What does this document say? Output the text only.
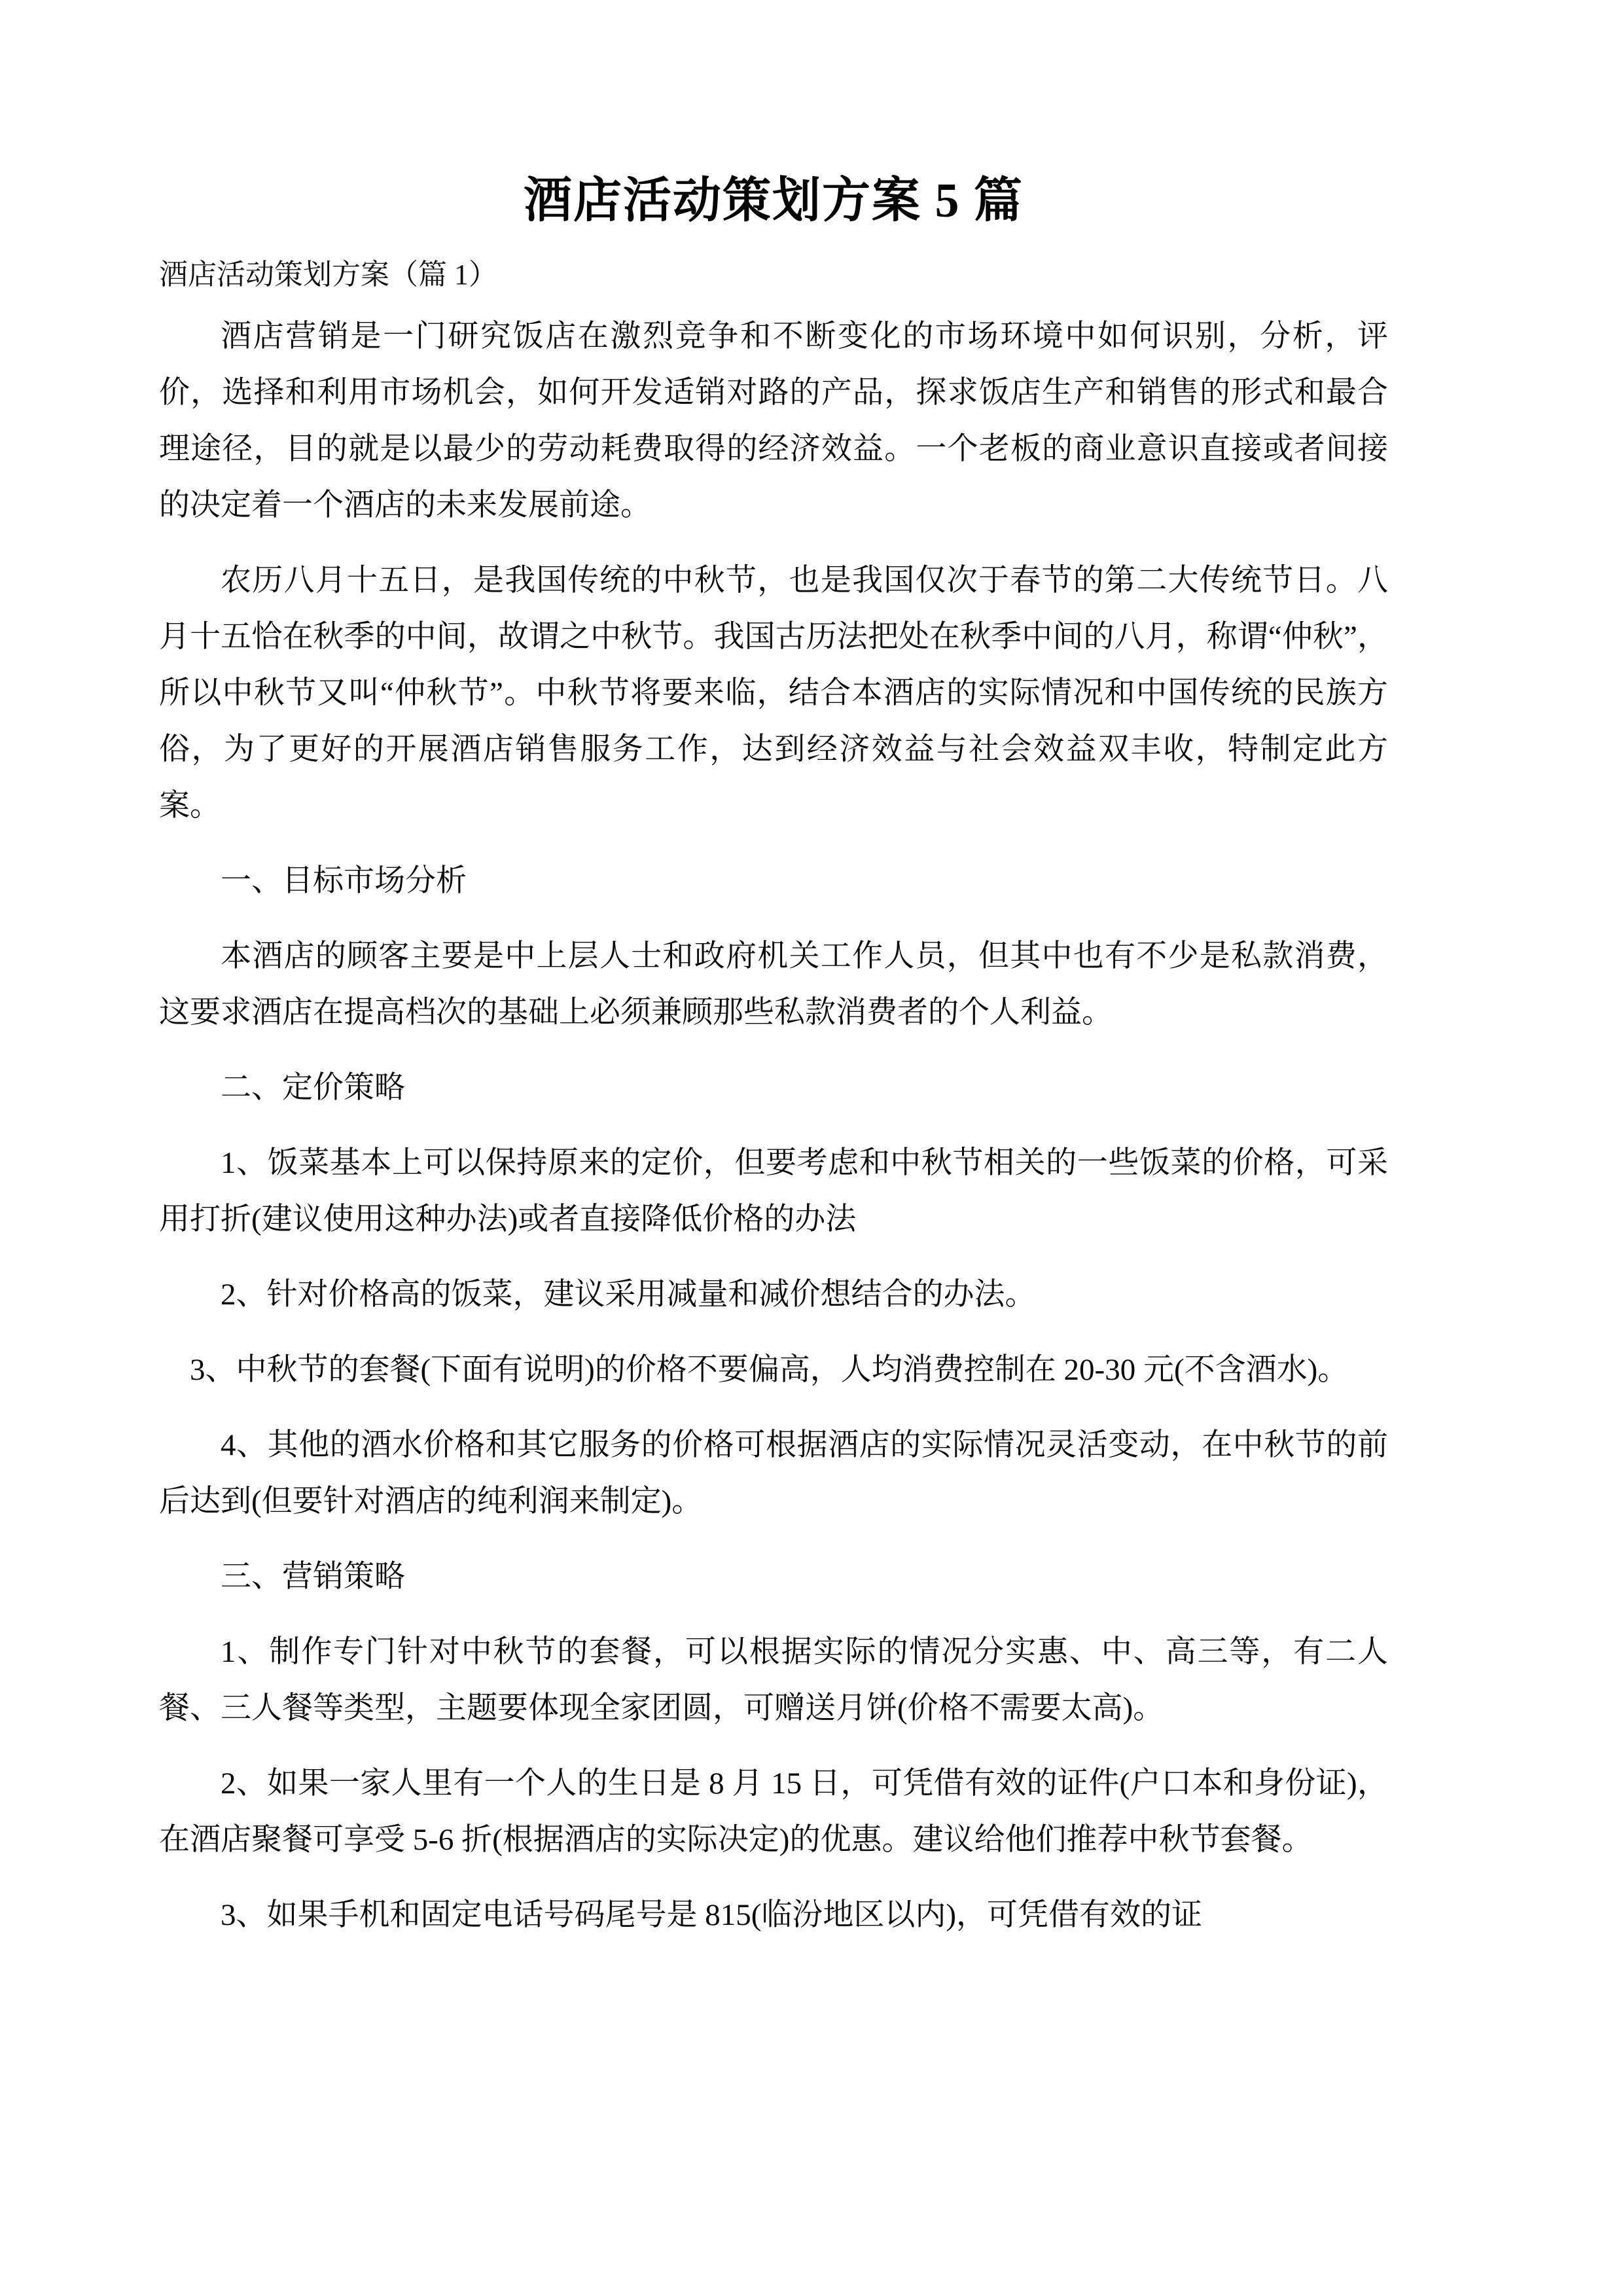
酒店活动策划方案 5 篇

酒店活动策划方案（篇 1）

酒店营销是一门研究饭店在激烈竞争和不断变化的市场环境中如何识别，分析，评价，选择和利用市场机会，如何开发适销对路的产品，探求饭店生产和销售的形式和最合理途径，目的就是以最少的劳动耗费取得的经济效益。一个老板的商业意识直接或者间接的决定着一个酒店的未来发展前途。

农历八月十五日，是我国传统的中秋节，也是我国仅次于春节的第二大传统节日。八月十五恰在秋季的中间，故谓之中秋节。我国古历法把处在秋季中间的八月，称谓“仲秋”，所以中秋节又叫“仲秋节”。中秋节将要来临，结合本酒店的实际情况和中国传统的民族方俗，为了更好的开展酒店销售服务工作，达到经济效益与社会效益双丰收，特制定此方案。

一、目标市场分析

本酒店的顾客主要是中上层人士和政府机关工作人员，但其中也有不少是私款消费，这要求酒店在提高档次的基础上必须兼顾那些私款消费者的个人利益。

二、定价策略

1、饭菜基本上可以保持原来的定价，但要考虑和中秋节相关的一些饭菜的价格，可采用打折(建议使用这种办法)或者直接降低价格的办法

2、针对价格高的饭菜，建议采用减量和减价想结合的办法。

3、中秋节的套餐(下面有说明)的价格不要偏高，人均消费控制在 20-30 元(不含酒水)。

4、其他的酒水价格和其它服务的价格可根据酒店的实际情况灵活变动，在中秋节的前后达到(但要针对酒店的纯利润来制定)。

三、营销策略

1、制作专门针对中秋节的套餐，可以根据实际的情况分实惠、中、高三等，有二人餐、三人餐等类型，主题要体现全家团圆，可赠送月饼(价格不需要太高)。

2、如果一家人里有一个人的生日是 8 月 15 日，可凭借有效的证件(户口本和身份证)，在酒店聚餐可享受 5-6 折(根据酒店的实际决定)的优惠。建议给他们推荐中秋节套餐。

3、如果手机和固定电话号码尾号是 815(临汾地区以内)，可凭借有效的证
